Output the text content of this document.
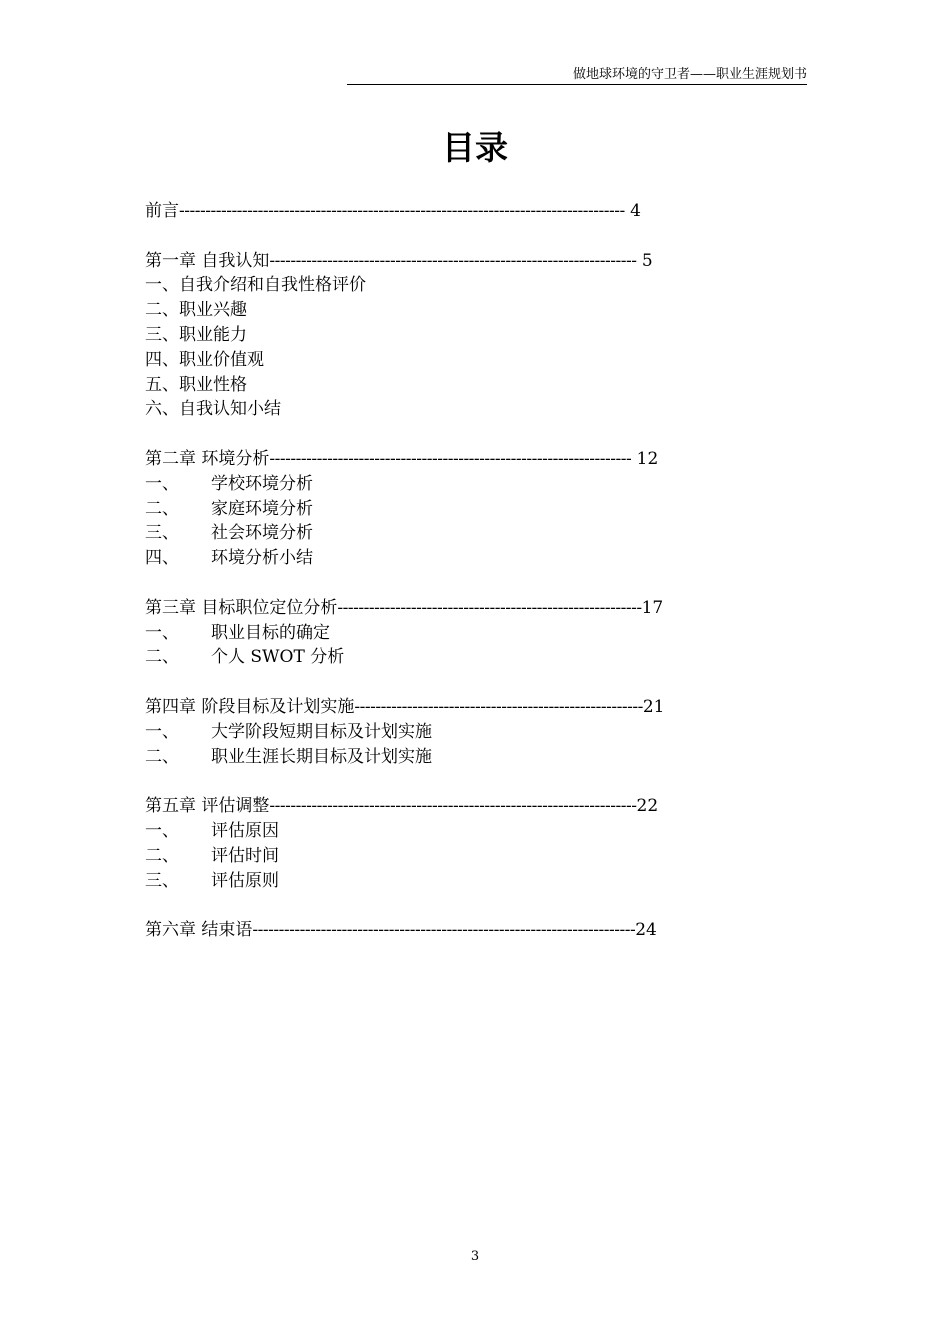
做地球环境的守卫者——职业生涯规划书
目录
前言------------------------------------------------------------------------------------- 4
第一章 自我认知---------------------------------------------------------------------- 5
一、自我介绍和自我性格评价
二、职业兴趣
三、职业能力
四、职业价值观
五、职业性格
六、自我认知小结
第二章 环境分析--------------------------------------------------------------------- 12
一、 学校环境分析
二、 家庭环境分析
三、 社会环境分析
四、 环境分析小结
第三章 目标职位定位分析----------------------------------------------------------17
一、 职业目标的确定
二、 个人 SWOT 分析
第四章 阶段目标及计划实施-------------------------------------------------------21
一、 大学阶段短期目标及计划实施
二、 职业生涯长期目标及计划实施
第五章 评估调整----------------------------------------------------------------------22
一、 评估原因
二、 评估时间
三、 评估原则
第六章 结束语-------------------------------------------------------------------------24
3
